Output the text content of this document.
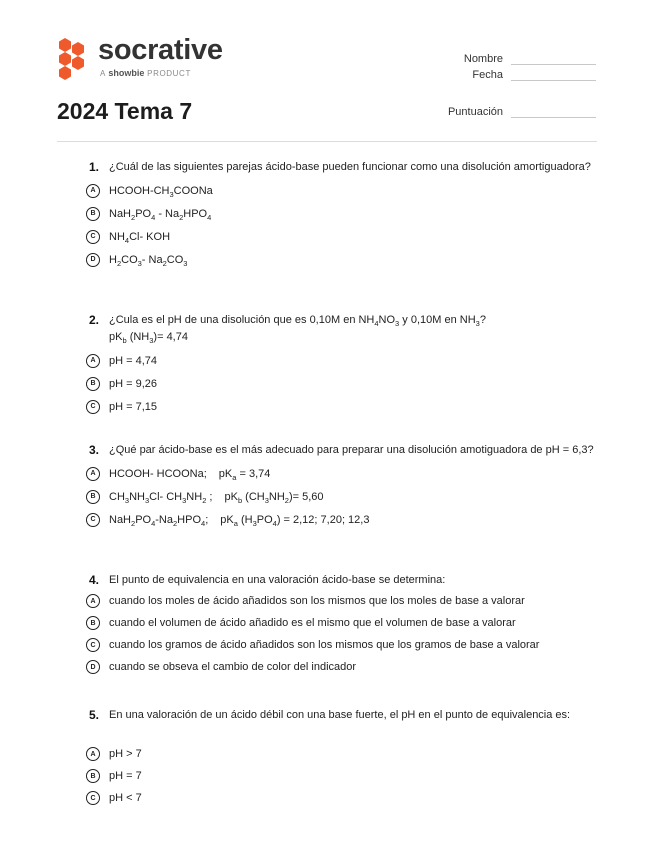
socrative
A showbie PRODUCT
Nombre
Fecha
Puntuación
2024 Tema 7
1. ¿Cuál de las siguientes parejas ácido-base pueden funcionar como una disolución amortiguadora?
A	HCOOH-$CH_3COONa$
B	$NaH_2PO_4 - Na_2HPO_4$
C	$NH_4Cl-$ KOH
D	$H_2CO_3-$ $Na_2CO_3$
2. ¿Cula es el pH de una disolución que es 0,10M en $NH_4NO_3$ y 0,10M en $NH_3$?
$pK_b$ $(NH_3)= 4,74$
A	pH = 4,74
B	pH = 9,26
C	pH = 7,15
3. ¿Qué par ácido-base es el más adecuado para preparar una disolución amotiguadora de pH = 6,3?
A	HCOOH- HCOONa; $pK_a = 3,74$
B	$CH_3NH_3Cl-$ $CH_3NH_2$ ; $pK_b$ $(CH_3NH_2)= 5,60$
C	$NaH_2PO_4-Na_2HPO_4$; $pK_a$ $(H_3PO_4) = 2,12$; 7,20; 12,3
4. El punto de equivalencia en una valoración ácido-base se determina:
A	cuando los moles de ácido añadidos son los mismos que los moles de base a valorar
B	cuando el volumen de ácido añadido es el mismo que el volumen de base a valorar
C	cuando los gramos de ácido añadidos son los mismos que los gramos de base a valorar
D	cuando se obseva el cambio de color del indicador
5. En una valoración de un ácido débil con una base fuerte, el pH en el punto de equivalencia es:
A	pH > 7
B	pH = 7
C	pH < 7
